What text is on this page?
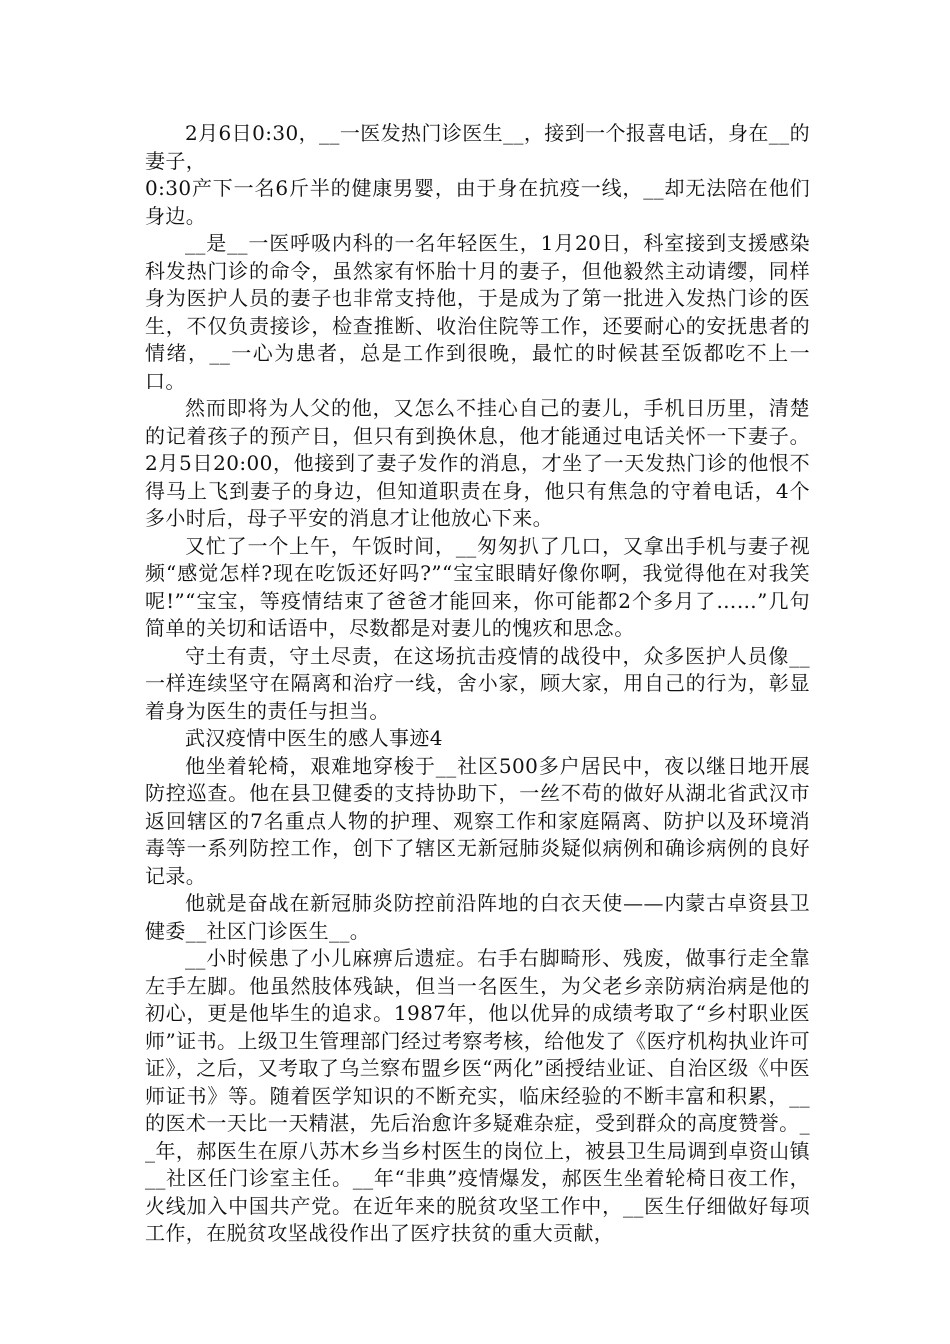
2月6日0:30，__一医发热门诊医生__，接到一个报喜电话，身在__的妻子，

0:30产下一名6斤半的健康男婴，由于身在抗疫一线，__却无法陪在他们身边。

__是__一医呼吸内科的一名年轻医生，1月20日，科室接到支援感染科发热门诊的命令，虽然家有怀胎十月的妻子，但他毅然主动请缨，同样身为医护人员的妻子也非常支持他，于是成为了第一批进入发热门诊的医生，不仅负责接诊，检查推断、收治住院等工作，还要耐心的安抚患者的情绪，__一心为患者，总是工作到很晚，最忙的时候甚至饭都吃不上一口。

然而即将为人父的他，又怎么不挂心自己的妻儿，手机日历里，清楚的记着孩子的预产日，但只有到换休息，他才能通过电话关怀一下妻子。2月5日20:00，他接到了妻子发作的消息，才坐了一天发热门诊的他恨不得马上飞到妻子的身边，但知道职责在身，他只有焦急的守着电话，4个多小时后，母子平安的消息才让他放心下来。

又忙了一个上午，午饭时间，__匆匆扒了几口，又拿出手机与妻子视频“感觉怎样?现在吃饭还好吗?”“宝宝眼睛好像你啊，我觉得他在对我笑呢!”“宝宝，等疫情结束了爸爸才能回来，你可能都2个多月了……”几句简单的关切和话语中，尽数都是对妻儿的愧疚和思念。

守土有责，守土尽责，在这场抗击疫情的战役中，众多医护人员像__一样连续坚守在隔离和治疗一线，舍小家，顾大家，用自己的行为，彰显着身为医生的责任与担当。

武汉疫情中医生的感人事迹4

他坐着轮椅，艰难地穿梭于__社区500多户居民中，夜以继日地开展防控巡查。他在县卫健委的支持协助下，一丝不苟的做好从湖北省武汉市返回辖区的7名重点人物的护理、观察工作和家庭隔离、防护以及环境消毒等一系列防控工作，创下了辖区无新冠肺炎疑似病例和确诊病例的良好记录。

他就是奋战在新冠肺炎防控前沿阵地的白衣天使——内蒙古卓资县卫健委__社区门诊医生__。

__小时候患了小儿麻痹后遗症。右手右脚畸形、残废，做事行走全靠左手左脚。他虽然肢体残缺，但当一名医生，为父老乡亲防病治病是他的初心，更是他毕生的追求。1987年，他以优异的成绩考取了“乡村职业医师”证书。上级卫生管理部门经过考察考核，给他发了《医疗机构执业许可证》，之后，又考取了乌兰察布盟乡医“两化”函授结业证、自治区级《中医师证书》等。随着医学知识的不断充实，临床经验的不断丰富和积累，__的医术一天比一天精湛，先后治愈许多疑难杂症，受到群众的高度赞誉。__年，郝医生在原八苏木乡当乡村医生的岗位上，被县卫生局调到卓资山镇__社区任门诊室主任。__年“非典”疫情爆发，郝医生坐着轮椅日夜工作，火线加入中国共产党。在近年来的脱贫攻坚工作中，__医生仔细做好每项工作，在脱贫攻坚战役作出了医疗扶贫的重大贡献，
